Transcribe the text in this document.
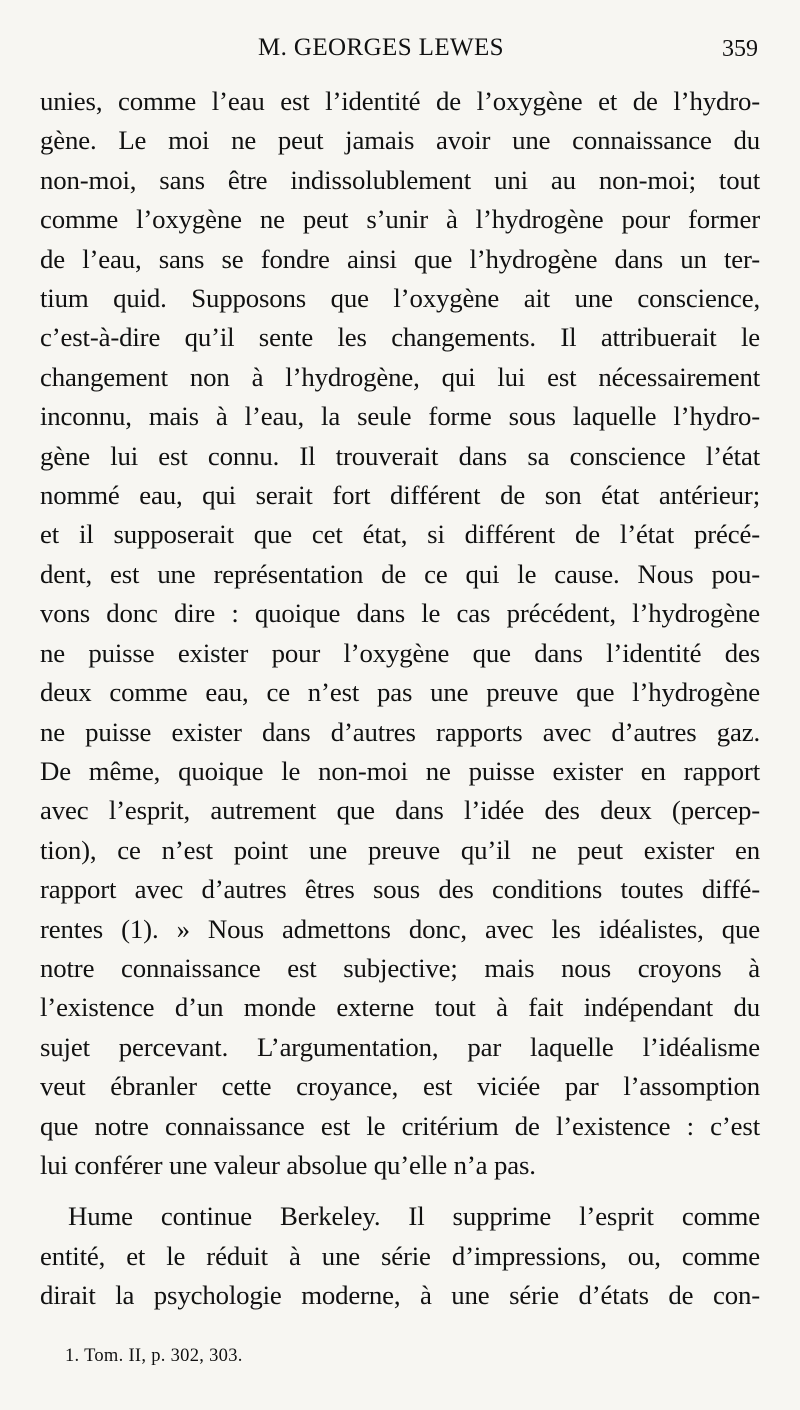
M. GEORGES LEWES	359
unies, comme l’eau est l’identité de l’oxygène et de l’hydro-
gène. Le moi ne peut jamais avoir une connaissance du
non-moi, sans être indissolublement uni au non-moi; tout
comme l’oxygène ne peut s’unir à l’hydrogène pour former
de l’eau, sans se fondre ainsi que l’hydrogène dans un ter-
tium quid. Supposons que l’oxygène ait une conscience,
c’est-à-dire qu’il sente les changements. Il attribuerait le
changement non à l’hydrogène, qui lui est nécessairement
inconnu, mais à l’eau, la seule forme sous laquelle l’hydro-
gène lui est connu. Il trouverait dans sa conscience l’état
nommé eau, qui serait fort différent de son état antérieur;
et il supposerait que cet état, si différent de l’état précé-
dent, est une représentation de ce qui le cause. Nous pou-
vons donc dire : quoique dans le cas précédent, l’hydrogène
ne puisse exister pour l’oxygène que dans l’identité des
deux comme eau, ce n’est pas une preuve que l’hydrogène
ne puisse exister dans d’autres rapports avec d’autres gaz.
De même, quoique le non-moi ne puisse exister en rapport
avec l’esprit, autrement que dans l’idée des deux (percep-
tion), ce n’est point une preuve qu’il ne peut exister en
rapport avec d’autres êtres sous des conditions toutes diffé-
rentes (1). » Nous admettons donc, avec les idéalistes, que
notre connaissance est subjective; mais nous croyons à
l’existence d’un monde externe tout à fait indépendant du
sujet percevant. L’argumentation, par laquelle l’idéalisme
veut ébranler cette croyance, est viciée par l’assomption
que notre connaissance est le critérium de l’existence : c’est
lui conférer une valeur absolue qu’elle n’a pas.
Hume continue Berkeley. Il supprime l’esprit comme
entité, et le réduit à une série d’impressions, ou, comme
dirait la psychologie moderne, à une série d’états de con-
1. Tom. II, p. 302, 303.
